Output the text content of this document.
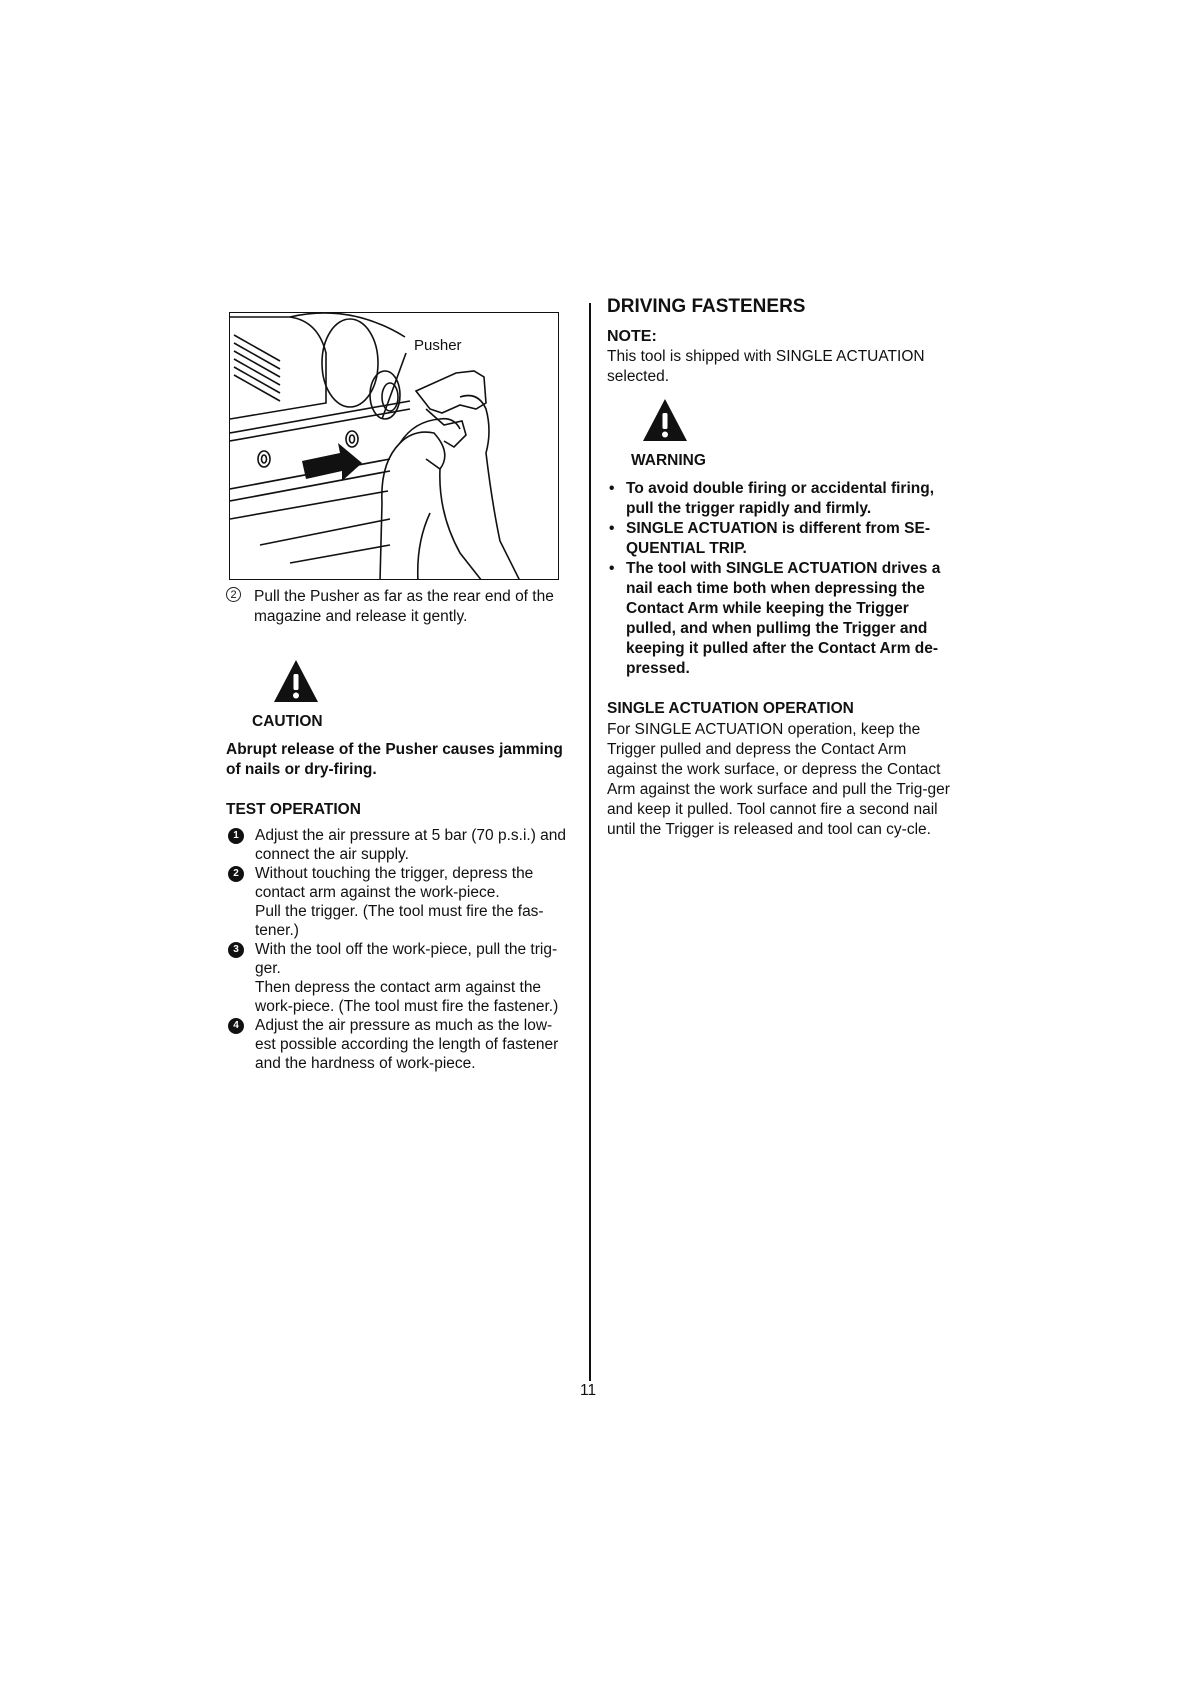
Pusher
2 Pull the Pusher as far as the rear end of the magazine and release it gently.
CAUTION
Abrupt release of the Pusher causes jamming of nails or dry-firing.
TEST OPERATION
1	Adjust the air pressure at 5 bar (70 p.s.i.) and connect the air supply.
2	Without touching the trigger, depress the contact arm against the work-piece.
Pull the trigger. (The tool must fire the fas-tener.)
3	With the tool off the work-piece, pull the trig-ger.
Then depress the contact arm against the work-piece. (The tool must fire the fastener.)
4	Adjust the air pressure as much as the low-est possible according the length of fastener and the hardness of work-piece.
11
DRIVING FASTENERS
NOTE:
This tool is shipped with SINGLE ACTUATION selected.
WARNING
• To avoid double firing or accidental firing, pull the trigger rapidly and firmly.
• SINGLE ACTUATION is different from SE-QUENTIAL TRIP.
• The tool with SINGLE ACTUATION drives a nail each time both when depressing the Contact Arm while keeping the Trigger pulled, and when pullimg the Trigger and keeping it pulled after the Contact Arm de-pressed.
SINGLE ACTUATION OPERATION
For SINGLE ACTUATION operation, keep the Trigger pulled and depress the Contact Arm against the work surface, or depress the Contact Arm against the work surface and pull the Trig-ger and keep it pulled. Tool cannot fire a second nail until the Trigger is released and tool can cy-cle.
